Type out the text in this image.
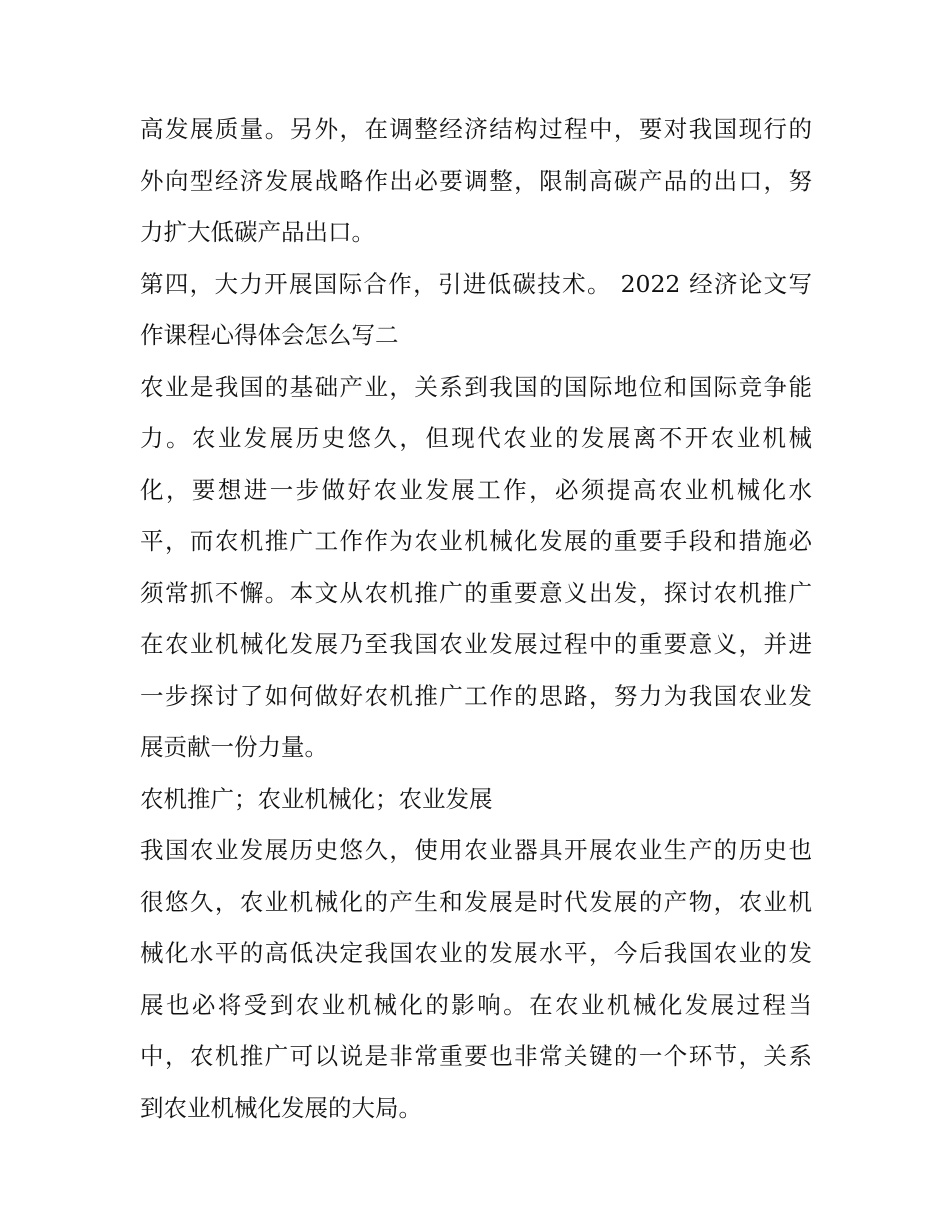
高发展质量。另外，在调整经济结构过程中，要对我国现行的
外向型经济发展战略作出必要调整，限制高碳产品的出口，努
力扩大低碳产品出口。
第四，大力开展国际合作，引进低碳技术。 2022 经济论文写
作课程心得体会怎么写二
农业是我国的基础产业，关系到我国的国际地位和国际竞争能
力。农业发展历史悠久，但现代农业的发展离不开农业机械
化，要想进一步做好农业发展工作，必须提高农业机械化水
平，而农机推广工作作为农业机械化发展的重要手段和措施必
须常抓不懈。本文从农机推广的重要意义出发，探讨农机推广
在农业机械化发展乃至我国农业发展过程中的重要意义，并进
一步探讨了如何做好农机推广工作的思路，努力为我国农业发
展贡献一份力量。
农机推广；农业机械化；农业发展
我国农业发展历史悠久，使用农业器具开展农业生产的历史也
很悠久，农业机械化的产生和发展是时代发展的产物，农业机
械化水平的高低决定我国农业的发展水平，今后我国农业的发
展也必将受到农业机械化的影响。在农业机械化发展过程当
中，农机推广可以说是非常重要也非常关键的一个环节，关系
到农业机械化发展的大局。
